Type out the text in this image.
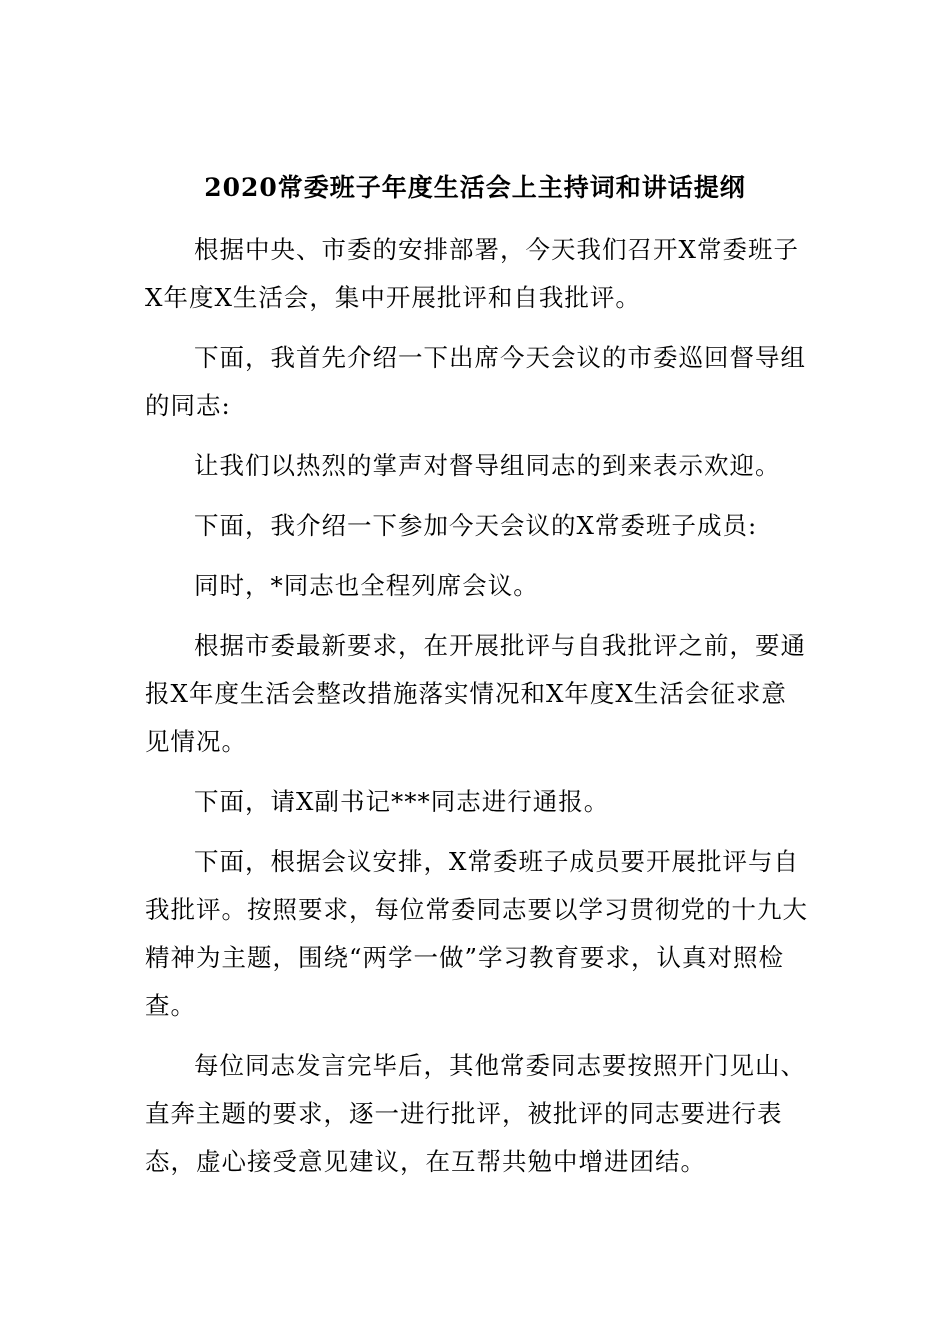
2020常委班子年度生活会上主持词和讲话提纲

根据中央、市委的安排部署，今天我们召开X常委班子X年度X生活会，集中开展批评和自我批评。

下面，我首先介绍一下出席今天会议的市委巡回督导组的同志:

让我们以热烈的掌声对督导组同志的到来表示欢迎。

下面，我介绍一下参加今天会议的X常委班子成员:

同时，*同志也全程列席会议。

根据市委最新要求，在开展批评与自我批评之前，要通报X年度生活会整改措施落实情况和X年度X生活会征求意见情况。

下面，请X副书记***同志进行通报。

下面，根据会议安排，X常委班子成员要开展批评与自我批评。按照要求，每位常委同志要以学习贯彻党的十九大精神为主题，围绕“两学一做”学习教育要求，认真对照检查。

每位同志发言完毕后，其他常委同志要按照开门见山、直奔主题的要求，逐一进行批评，被批评的同志要进行表态，虚心接受意见建议，在互帮共勉中增进团结。
